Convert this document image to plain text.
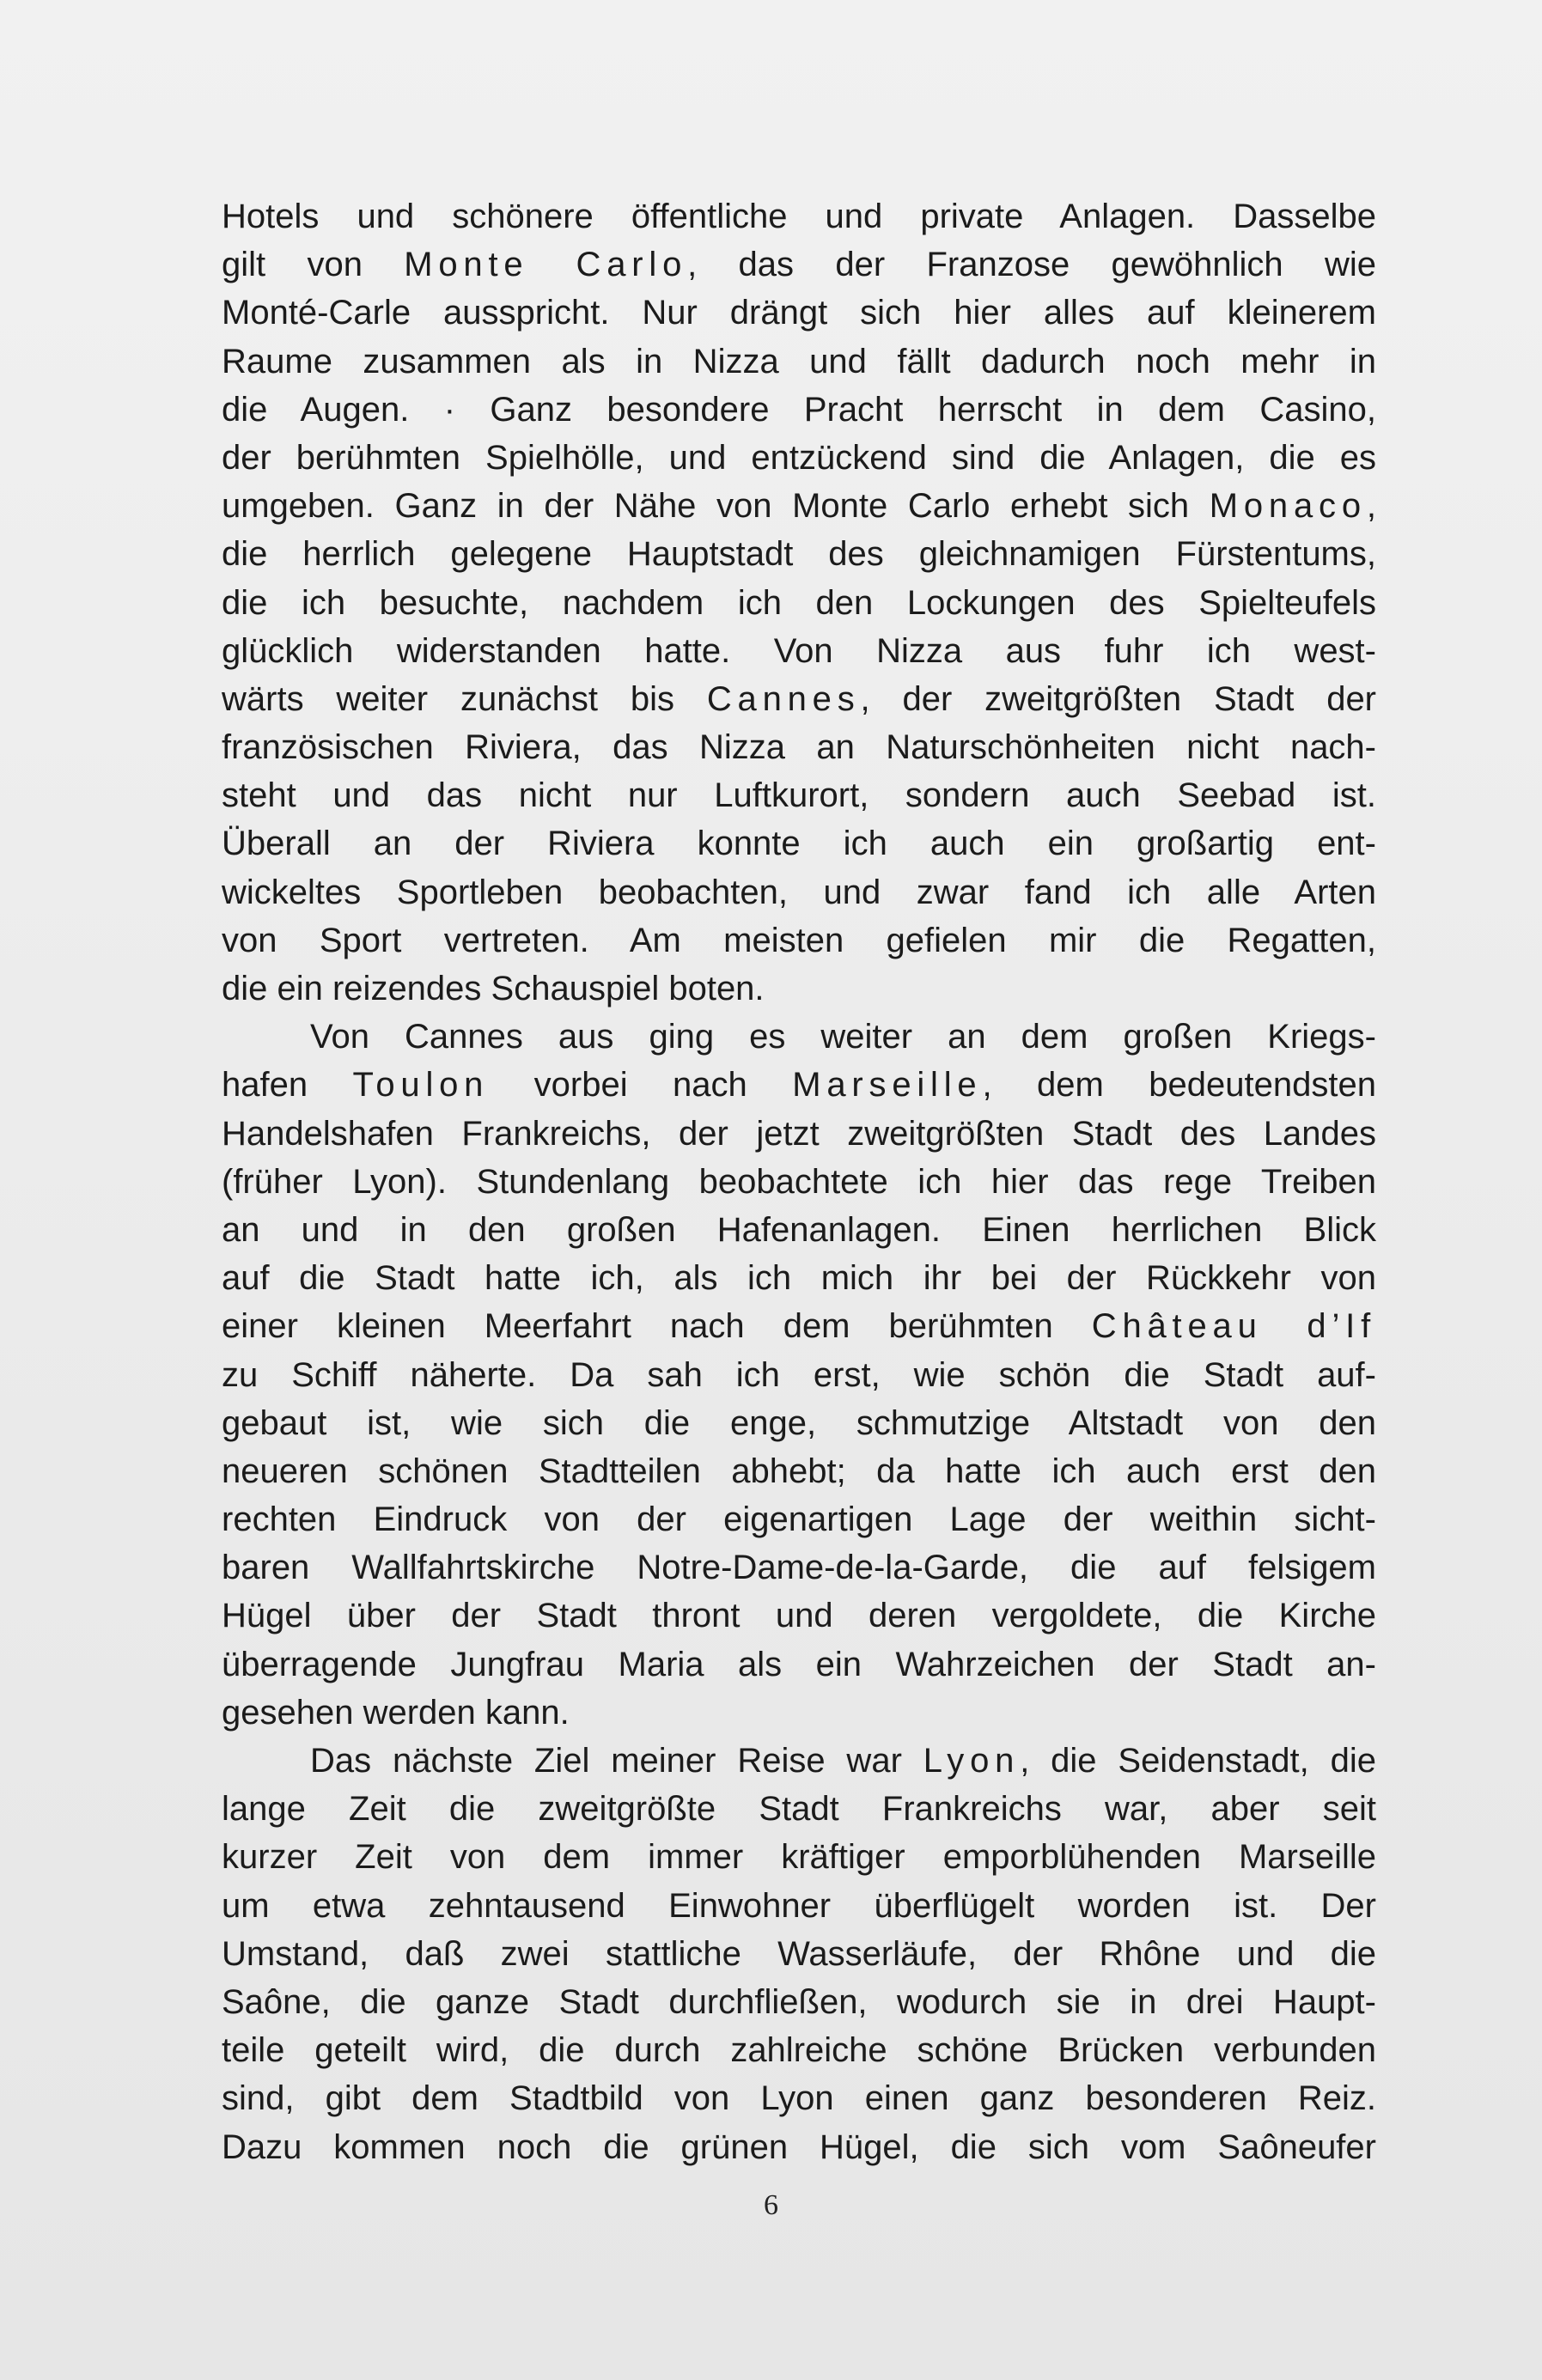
Hotels und schönere öffentliche und private Anlagen. Dasselbe
gilt von Monte Carlo, das der Franzose gewöhnlich wie
Monté-Carle ausspricht. Nur drängt sich hier alles auf kleinerem
Raume zusammen als in Nizza und fällt dadurch noch mehr in
die Augen. · Ganz besondere Pracht herrscht in dem Casino,
der berühmten Spielhölle, und entzückend sind die Anlagen, die es
umgeben. Ganz in der Nähe von Monte Carlo erhebt sich Monaco,
die herrlich gelegene Hauptstadt des gleichnamigen Fürstentums,
die ich besuchte, nachdem ich den Lockungen des Spielteufels
glücklich widerstanden hatte. Von Nizza aus fuhr ich west-
wärts weiter zunächst bis Cannes, der zweitgrößten Stadt der
französischen Riviera, das Nizza an Naturschönheiten nicht nach-
steht und das nicht nur Luftkurort, sondern auch Seebad ist.
Überall an der Riviera konnte ich auch ein großartig ent-
wickeltes Sportleben beobachten, und zwar fand ich alle Arten
von Sport vertreten. Am meisten gefielen mir die Regatten,
die ein reizendes Schauspiel boten.
Von Cannes aus ging es weiter an dem großen Kriegs-
hafen Toulon vorbei nach Marseille, dem bedeutendsten
Handelshafen Frankreichs, der jetzt zweitgrößten Stadt des Landes
(früher Lyon). Stundenlang beobachtete ich hier das rege Treiben
an und in den großen Hafenanlagen. Einen herrlichen Blick
auf die Stadt hatte ich, als ich mich ihr bei der Rückkehr von
einer kleinen Meerfahrt nach dem berühmten Château d’If
zu Schiff näherte. Da sah ich erst, wie schön die Stadt auf-
gebaut ist, wie sich die enge, schmutzige Altstadt von den
neueren schönen Stadtteilen abhebt; da hatte ich auch erst den
rechten Eindruck von der eigenartigen Lage der weithin sicht-
baren Wallfahrtskirche Notre-Dame-de-la-Garde, die auf felsigem
Hügel über der Stadt thront und deren vergoldete, die Kirche
überragende Jungfrau Maria als ein Wahrzeichen der Stadt an-
gesehen werden kann.
Das nächste Ziel meiner Reise war Lyon, die Seidenstadt, die
lange Zeit die zweitgrößte Stadt Frankreichs war, aber seit
kurzer Zeit von dem immer kräftiger emporblühenden Marseille
um etwa zehntausend Einwohner überflügelt worden ist. Der
Umstand, daß zwei stattliche Wasserläufe, der Rhône und die
Saône, die ganze Stadt durchfließen, wodurch sie in drei Haupt-
teile geteilt wird, die durch zahlreiche schöne Brücken verbunden
sind, gibt dem Stadtbild von Lyon einen ganz besonderen Reiz.
Dazu kommen noch die grünen Hügel, die sich vom Saôneufer
6
